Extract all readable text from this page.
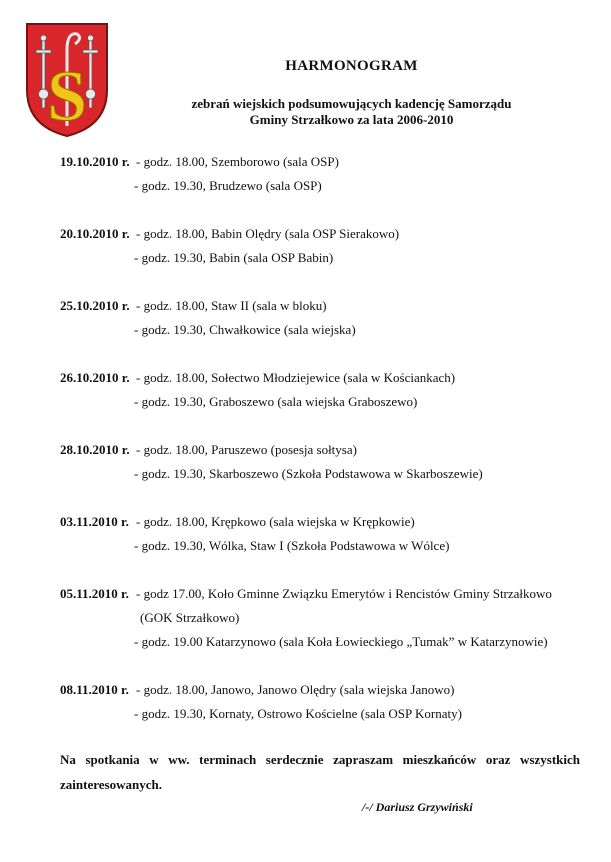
S	HARMONOGRAM
zebrań wiejskich podsumowujących kadencję Samorządu
Gminy Strzałkowo za lata 2006-2010
19.10.2010 r. - godz. 18.00, Szemborowo (sala OSP)
- godz. 19.30, Brudzewo (sala OSP)
20.10.2010 r. - godz. 18.00, Babin Olędry (sala OSP Sierakowo)
- godz. 19.30, Babin (sala OSP Babin)
25.10.2010 r. - godz. 18.00, Staw II (sala w bloku)
- godz. 19.30, Chwałkowice (sala wiejska)
26.10.2010 r. - godz. 18.00, Sołectwo Młodziejewice (sala w Kościankach)
- godz. 19.30, Graboszewo (sala wiejska Graboszewo)
28.10.2010 r. - godz. 18.00, Paruszewo (posesja sołtysa)
- godz. 19.30, Skarboszewo (Szkoła Podstawowa w Skarboszewie)
03.11.2010 r. - godz. 18.00, Krępkowo (sala wiejska w Krępkowie)
- godz. 19.30, Wólka, Staw I (Szkoła Podstawowa w Wólce)
05.11.2010 r. - godz 17.00, Koło Gminne Związku Emerytów i Rencistów Gminy Strzałkowo
(GOK Strzałkowo)
- godz. 19.00 Katarzynowo (sala Koła Łowieckiego „Tumak” w Katarzynowie)
08.11.2010 r. - godz. 18.00, Janowo, Janowo Olędry (sala wiejska Janowo)
- godz. 19.30, Kornaty, Ostrowo Kościelne (sala OSP Kornaty)
Na spotkania w ww. terminach serdecznie zapraszam mieszkańców oraz wszystkich zainteresowanych.
/-/ Dariusz Grzywiński
